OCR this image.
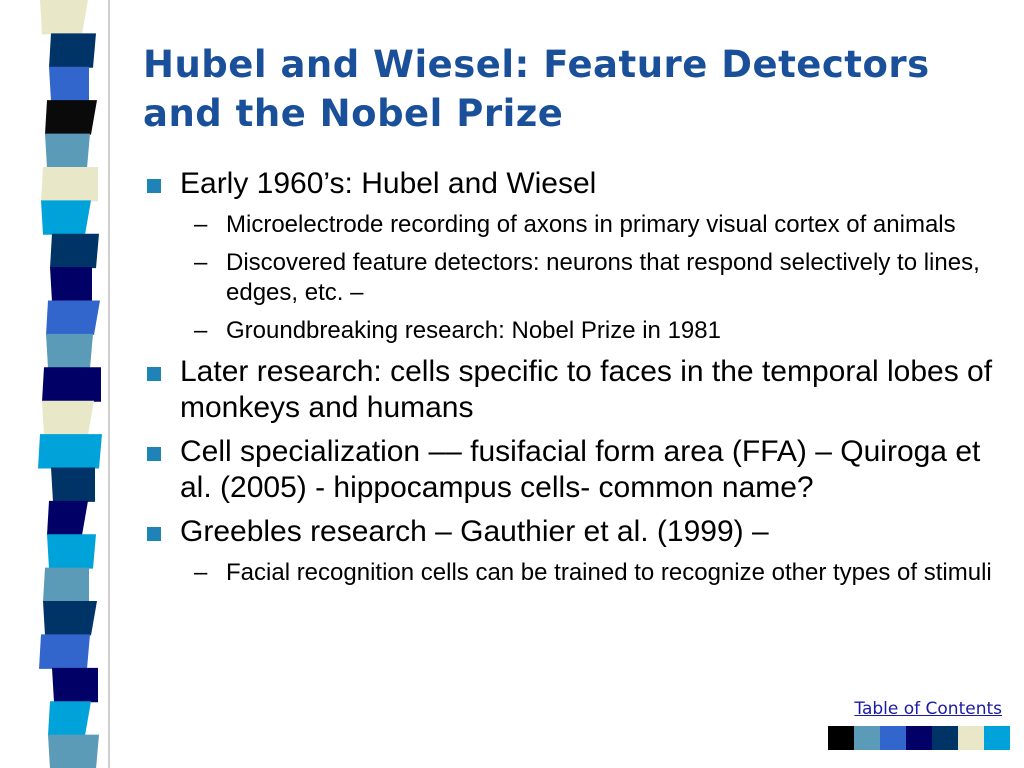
Hubel and Wiesel: Feature Detectors
and the Nobel Prize
Early 1960’s: Hubel and Wiesel
– Microelectrode recording of axons in primary visual cortex of animals
– Discovered feature detectors: neurons that respond selectively to lines, edges, etc. –
– Groundbreaking research: Nobel Prize in 1981
Later research: cells specific to faces in the temporal lobes of monkeys and humans
Cell specialization –– fusifacial form area (FFA) – Quiroga et al. (2005) - hippocampus cells- common name?
Greebles research – Gauthier et al. (1999) –
– Facial recognition cells can be trained to recognize other types of stimuli
Table of Contents
